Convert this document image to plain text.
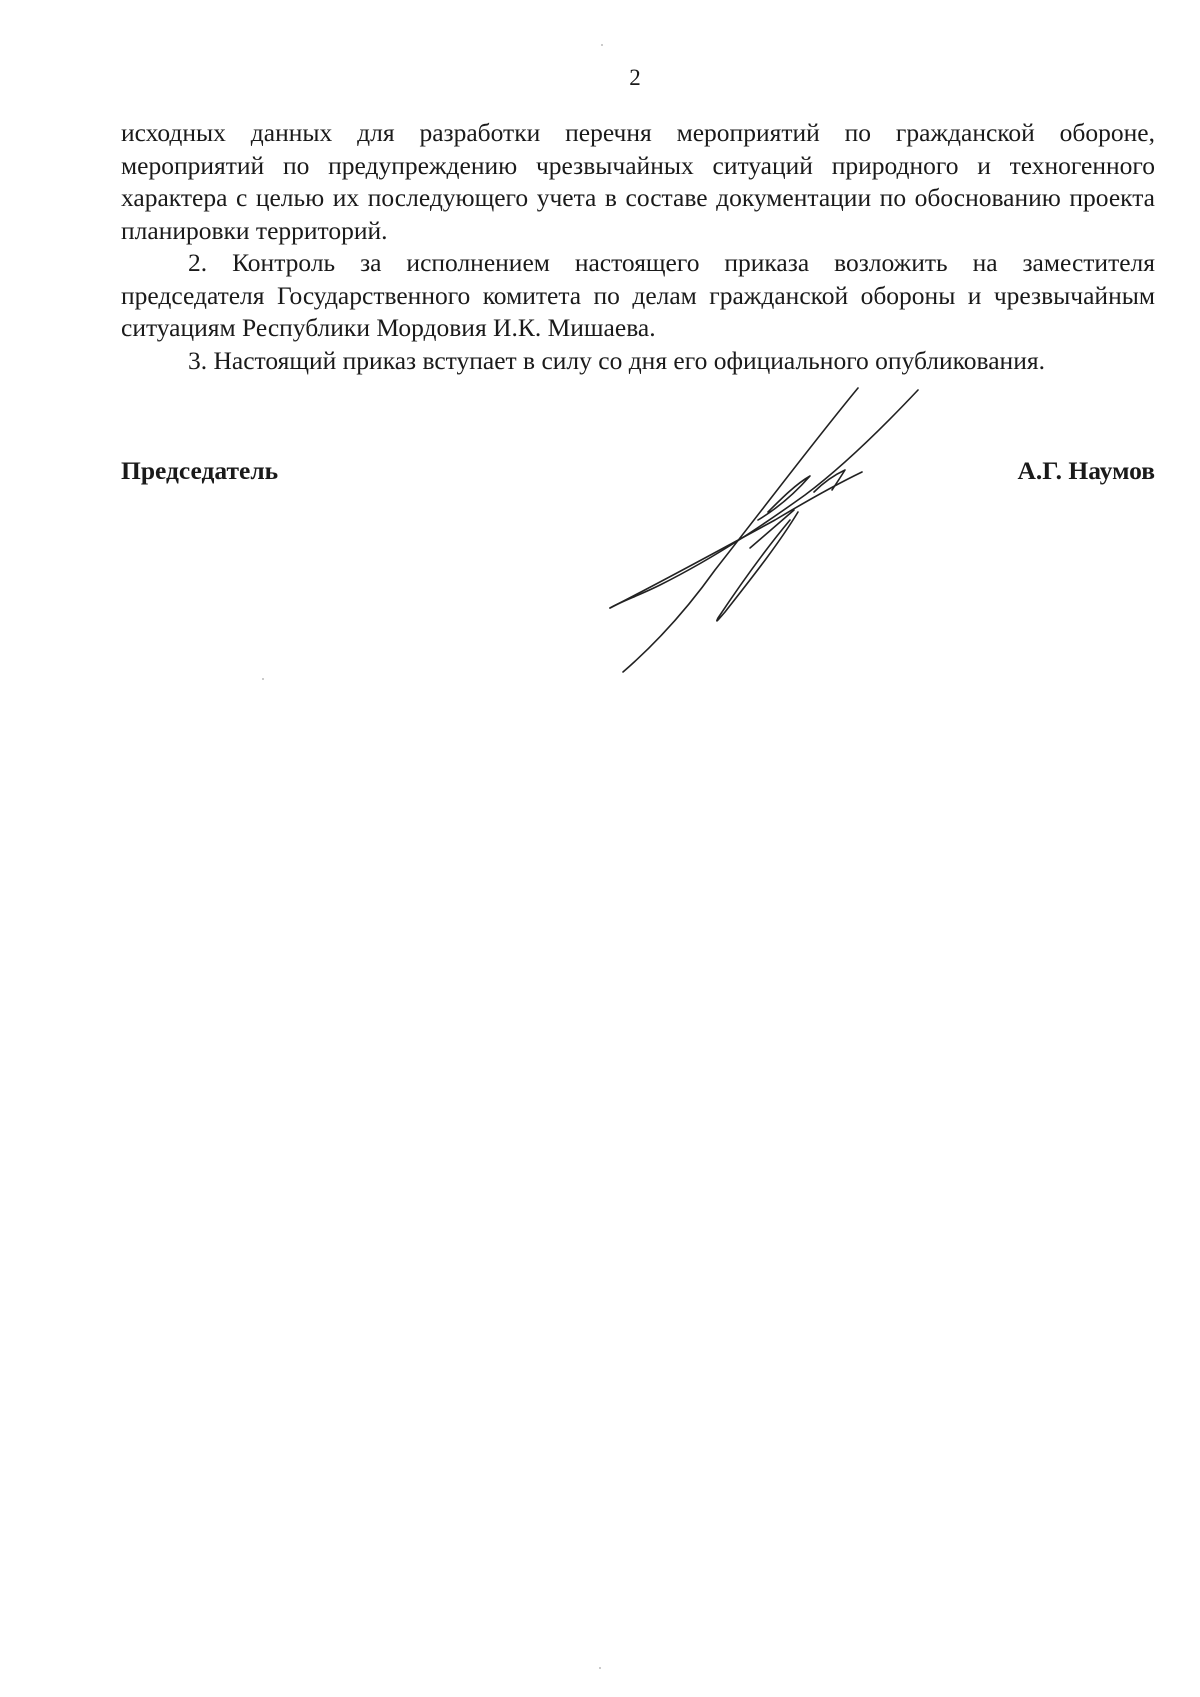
2

исходных данных для разработки перечня мероприятий по гражданской обороне, мероприятий по предупреждению чрезвычайных ситуаций природного и техногенного характера с целью их последующего учета в составе документации по обоснованию проекта планировки территорий.

2. Контроль за исполнением настоящего приказа возложить на заместителя председателя Государственного комитета по делам гражданской обороны и чрезвычайным ситуациям Республики Мордовия И.К. Мишаева.

3. Настоящий приказ вступает в силу со дня его официального опубликования.

Председатель	А.Г. Наумов
